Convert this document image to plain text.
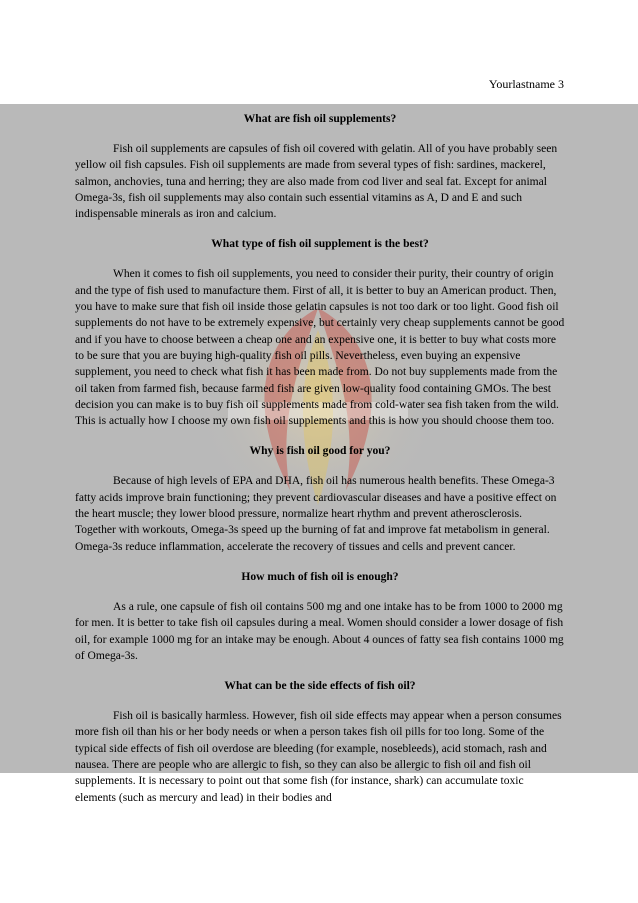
Yourlastname 3
What are fish oil supplements?

Fish oil supplements are capsules of fish oil covered with gelatin. All of you have probably seen yellow oil fish capsules. Fish oil supplements are made from several types of fish: sardines, mackerel, salmon, anchovies, tuna and herring; they are also made from cod liver and seal fat. Except for animal Omega-3s, fish oil supplements may also contain such essential vitamins as A, D and E and such indispensable minerals as iron and calcium.

What type of fish oil supplement is the best?

When it comes to fish oil supplements, you need to consider their purity, their country of origin and the type of fish used to manufacture them. First of all, it is better to buy an American product. Then, you have to make sure that fish oil inside those gelatin capsules is not too dark or too light. Good fish oil supplements do not have to be extremely expensive, but certainly very cheap supplements cannot be good and if you have to choose between a cheap one and an expensive one, it is better to buy what costs more to be sure that you are buying high-quality fish oil pills. Nevertheless, even buying an expensive supplement, you need to check what fish it has been made from. Do not buy supplements made from the oil taken from farmed fish, because farmed fish are given low-quality food containing GMOs. The best decision you can make is to buy fish oil supplements made from cold-water sea fish taken from the wild. This is actually how I choose my own fish oil supplements and this is how you should choose them too.

Why is fish oil good for you?

Because of high levels of EPA and DHA, fish oil has numerous health benefits. These Omega-3 fatty acids improve brain functioning; they prevent cardiovascular diseases and have a positive effect on the heart muscle; they lower blood pressure, normalize heart rhythm and prevent atherosclerosis. Together with workouts, Omega-3s speed up the burning of fat and improve fat metabolism in general. Omega-3s reduce inflammation, accelerate the recovery of tissues and cells and prevent cancer.

How much of fish oil is enough?

As a rule, one capsule of fish oil contains 500 mg and one intake has to be from 1000 to 2000 mg for men. It is better to take fish oil capsules during a meal. Women should consider a lower dosage of fish oil, for example 1000 mg for an intake may be enough. About 4 ounces of fatty sea fish contains 1000 mg of Omega-3s.

What can be the side effects of fish oil?

Fish oil is basically harmless. However, fish oil side effects may appear when a person consumes more fish oil than his or her body needs or when a person takes fish oil pills for too long. Some of the typical side effects of fish oil overdose are bleeding (for example, nosebleeds), acid stomach, rash and nausea. There are people who are allergic to fish, so they can also be allergic to fish oil and fish oil supplements. It is necessary to point out that some fish (for instance, shark) can accumulate toxic elements (such as mercury and lead) in their bodies and
